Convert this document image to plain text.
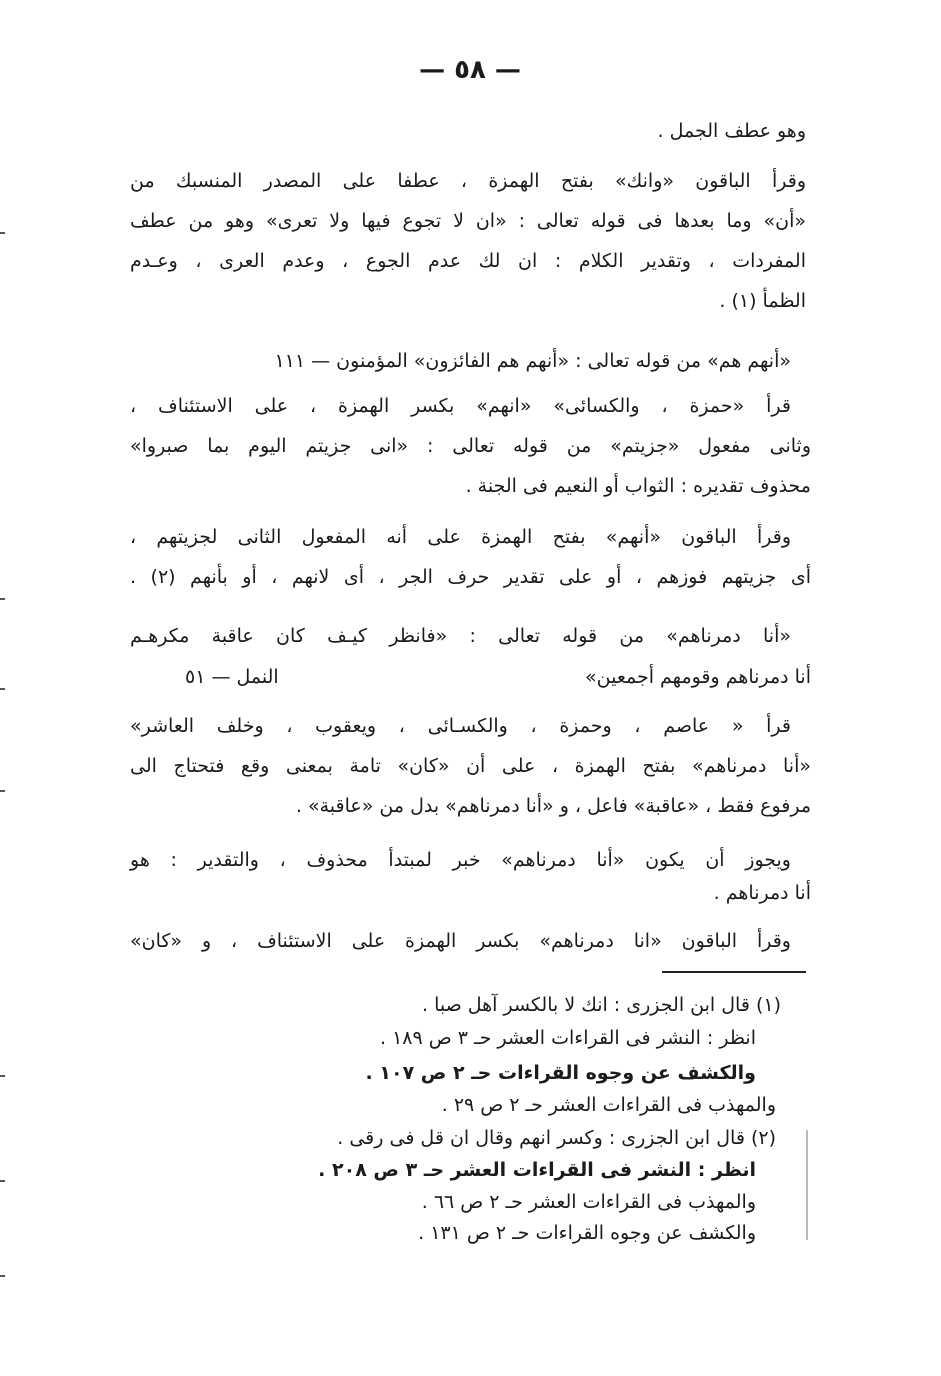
— ٥٨ —
وهو عطف الجمل .
وقرأ الباقون «وانك» بفتح الهمزة ، عطفا على المصدر المنسبك من
«أن» وما بعدها فى قوله تعالى : «ان لا تجوع فيها ولا تعرى» وهو من عطف
المفردات ، وتقدير الكلام : ان لك عدم الجوع ، وعدم العرى ، وعـدم
الظمأ (١) .
«أنهم هم» من قوله تعالى : «أنهم هم الفائزون» المؤمنون — ١١١
قرأ «حمزة ، والكسائى» «انهم» بكسر الهمزة ، على الاستئناف ،
وثانى مفعول «جزيتم» من قوله تعالى : «انى جزيتم اليوم بما صبروا»
محذوف تقديره : الثواب أو النعيم فى الجنة .
وقرأ الباقون «أنهم» بفتح الهمزة على أنه المفعول الثانى لجزيتهم ،
أى جزيتهم فوزهم ، أو على تقدير حرف الجر ، أى لانهم ، أو بأنهم (٢) .
«أنا دمرناهم» من قوله تعالى : «فانظر كيـف كان عاقبة مكرهـم
أنا دمرناهم وقومهم أجمعين»
النمل — ٥١
قرأ « عاصم ، وحمزة ، والكسـائى ، ويعقوب ، وخلف العاشر»
«أنا دمرناهم» بفتح الهمزة ، على أن «كان» تامة بمعنى وقع فتحتاج الى
مرفوع فقط ، «عاقبة» فاعل ، و «أنا دمرناهم» بدل من «عاقبة» .
ويجوز أن يكون «أنا دمرناهم» خبر لمبتدأ محذوف ، والتقدير : هو
أنا دمرناهم .
وقرأ الباقون «انا دمرناهم» بكسر الهمزة على الاستئناف ، و «كان»
(١) قال ابن الجزرى : انك لا بالكسر آهل صبا .
انظر : النشر فى القراءات العشر حـ ٣ ص ١٨٩ .
والكشف عن وجوه القراءات حـ ٢ ص ١٠٧ .
والمهذب فى القراءات العشر حـ ٢ ص ٢٩ .
(٢) قال ابن الجزرى : وكسر انهم وقال ان قل فى رقى .
انظر : النشر فى القراءات العشر حـ ٣ ص ٢٠٨ .
والمهذب فى القراءات العشر حـ ٢ ص ٦٦ .
والكشف عن وجوه القراءات حـ ٢ ص ١٣١ .
